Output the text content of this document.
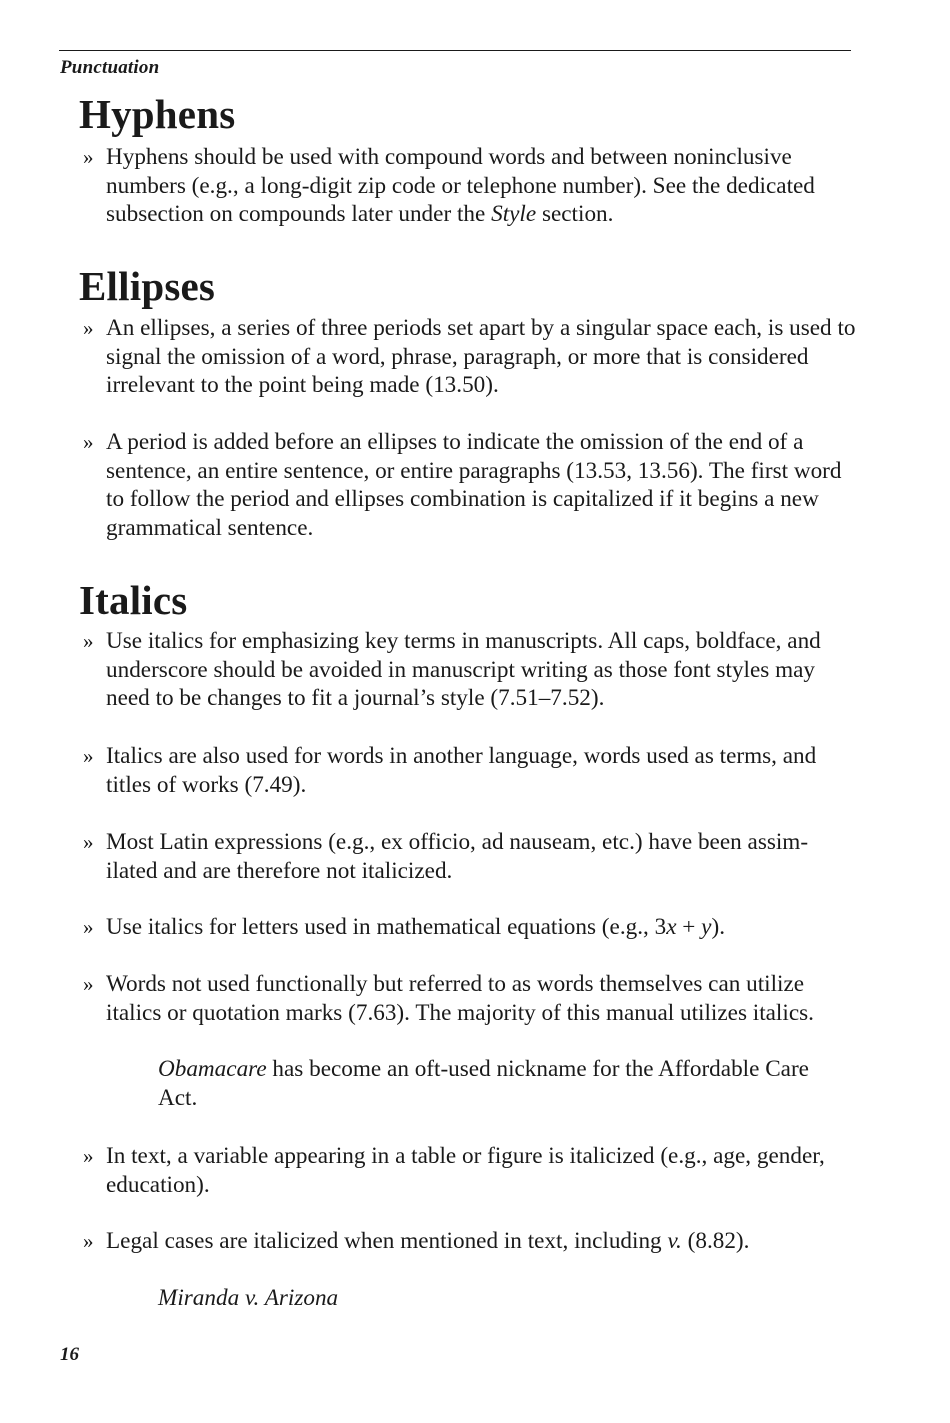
Punctuation
Hyphens
» Hyphens should be used with compound words and between noninclusive numbers (e.g., a long-digit zip code or telephone number). See the dedicated subsection on compounds later under the Style section.
Ellipses
» An ellipses, a series of three periods set apart by a singular space each, is used to signal the omission of a word, phrase, paragraph, or more that is considered irrelevant to the point being made (13.50).
» A period is added before an ellipses to indicate the omission of the end of a sentence, an entire sentence, or entire paragraphs (13.53, 13.56). The first word to follow the period and ellipses combination is capitalized if it begins a new grammatical sentence.
Italics
» Use italics for emphasizing key terms in manuscripts. All caps, boldface, and underscore should be avoided in manuscript writing as those font styles may need to be changes to fit a journal’s style (7.51–7.52).
» Italics are also used for words in another language, words used as terms, and titles of works (7.49).
» Most Latin expressions (e.g., ex officio, ad nauseam, etc.) have been assim-ilated and are therefore not italicized.
» Use italics for letters used in mathematical equations (e.g., 3x + y).
» Words not used functionally but referred to as words themselves can utilize italics or quotation marks (7.63). The majority of this manual utilizes italics.
Obamacare has become an oft-used nickname for the Affordable Care Act.
» In text, a variable appearing in a table or figure is italicized (e.g., age, gender, education).
» Legal cases are italicized when mentioned in text, including v. (8.82).
Miranda v. Arizona
16
